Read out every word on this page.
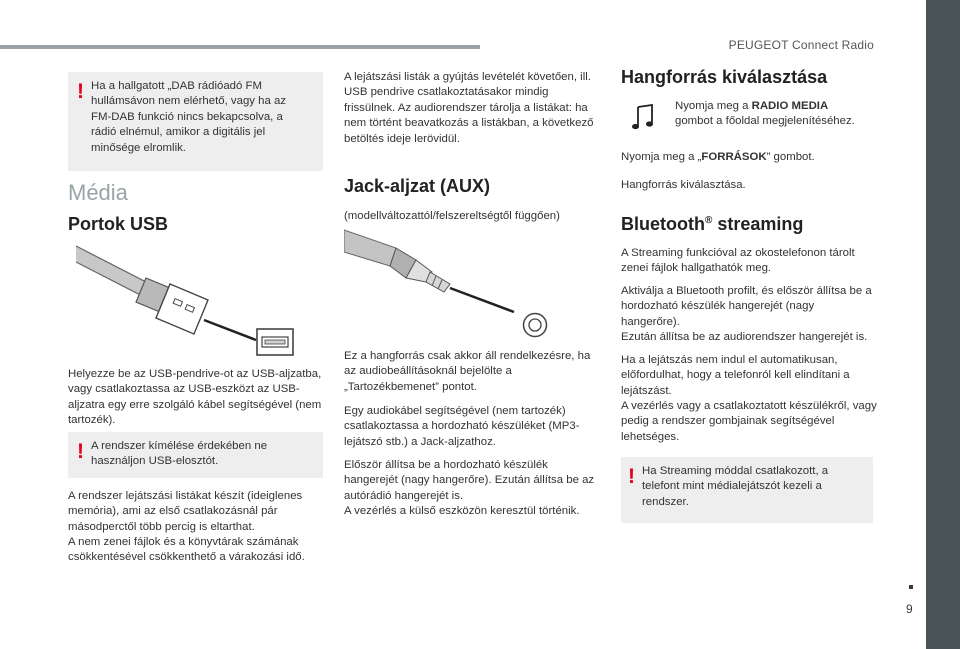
PEUGEOT Connect Radio
9
! Ha a hallgatott „DAB rádióadó FM hullámsávon nem elérhető, vagy ha az FM-DAB funkció nincs bekapcsolva, a rádió elnémul, amikor a digitális jel minősége elromlik.

Média
Portok USB

Helyezze be az USB-pendrive-ot az USB-aljzatba, vagy csatlakoztassa az USB-eszközt az USB-aljzatra egy erre szolgáló kábel segítségével (nem tartozék).

! A rendszer kímélése érdekében ne használjon USB-elosztót.

A rendszer lejátszási listákat készít (ideiglenes memória), ami az első csatlakozásnál pár másodperctől több percig is eltarthat.

A nem zenei fájlok és a könyvtárak számának csökkentésével csökkenthető a várakozási idő.

A lejátszási listák a gyújtás levételét követően, ill. USB pendrive csatlakoztatásakor mindig frissülnek. Az audiorendszer tárolja a listákat: ha nem történt beavatkozás a listákban, a következő betöltés ideje lerövidül.

Jack-aljzat (AUX)

(modellváltozattól/felszereltségtől függően)

Ez a hangforrás csak akkor áll rendelkezésre, ha az audiobeállításoknál bejelölte a „Tartozékbemenet” pontot.

Egy audiokábel segítségével (nem tartozék) csatlakoztassa a hordozható készüléket (MP3-lejátszó stb.) a Jack-aljzathoz.

Először állítsa be a hordozható készülék hangerejét (nagy hangerőre). Ezután állítsa be az autórádió hangerejét is.

A vezérlés a külső eszközön keresztül történik.

Hangforrás kiválasztása

Nyomja meg a RADIO MEDIA
gombot a főoldal megjelenítéséhez.

Nyomja meg a „FORRÁSOK” gombot.

Hangforrás kiválasztása.

Bluetooth® streaming

A Streaming funkcióval az okostelefonon tárolt zenei fájlok hallgathatók meg.

Aktiválja a Bluetooth profilt, és először állítsa be a hordozható készülék hangerejét (nagy hangerőre).

Ezután állítsa be az audiorendszer hangerejét is.

Ha a lejátszás nem indul el automatikusan, előfordulhat, hogy a telefonról kell elindítani a lejátszást.

A vezérlés vagy a csatlakoztatott készülékről, vagy pedig a rendszer gombjainak segítségével lehetséges.

! Ha Streaming móddal csatlakozott, a telefont mint médialejátszót kezeli a rendszer.
